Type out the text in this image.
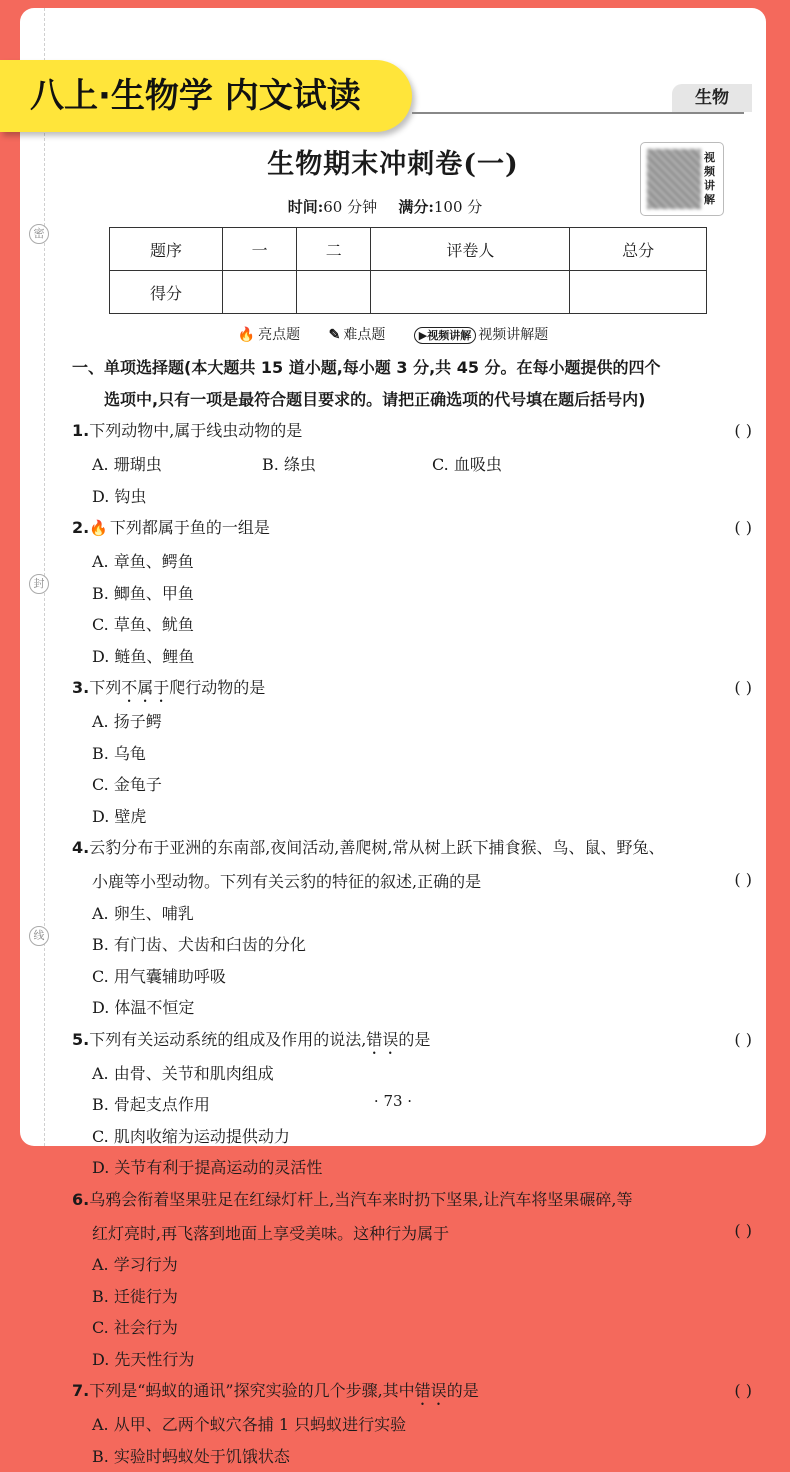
密
封
线
八上·生物学 内文试读	生物
生物期末冲刺卷(一)	视频讲解
时间:60 分钟 满分:100 分
题序	一	二	评卷人	总分
得分				
🔥 亮点题 ✎ 难点题	▶视频讲解 视频讲解题
一、单项选择题(本大题共 15 道小题,每小题 3 分,共 45 分。在每小题提供的四个
选项中,只有一项是最符合题目要求的。请把正确选项的代号填在题后括号内)
1.下列动物中,属于线虫动物的是	( )
A. 珊瑚虫	B. 绦虫	C. 血吸虫
D. 钩虫
2.🔥 下列都属于鱼的一组是	( )
A. 章鱼、鳄鱼
B. 鲫鱼、甲鱼
C. 草鱼、鱿鱼
D. 鲢鱼、鲤鱼
3.下列不属于爬行动物的是	( )
A. 扬子鳄
B. 乌龟
C. 金龟子
D. 壁虎
4.云豹分布于亚洲的东南部,夜间活动,善爬树,常从树上跃下捕食猴、鸟、鼠、野兔、
小鹿等小型动物。下列有关云豹的特征的叙述,正确的是	( )
A. 卵生、哺乳
B. 有门齿、犬齿和臼齿的分化
C. 用气囊辅助呼吸
D. 体温不恒定
5.下列有关运动系统的组成及作用的说法,错误的是	( )
A. 由骨、关节和肌肉组成
B. 骨起支点作用
C. 肌肉收缩为运动提供动力
D. 关节有利于提高运动的灵活性
6.乌鸦会衔着坚果驻足在红绿灯杆上,当汽车来时扔下坚果,让汽车将坚果碾碎,等
红灯亮时,再飞落到地面上享受美味。这种行为属于	( )
A. 学习行为
B. 迁徙行为
C. 社会行为
D. 先天性行为
7.下列是“蚂蚁的通讯”探究实验的几个步骤,其中错误的是	( )
A. 从甲、乙两个蚁穴各捕 1 只蚂蚁进行实验
B. 实验时蚂蚁处于饥饿状态
· 73 ·
